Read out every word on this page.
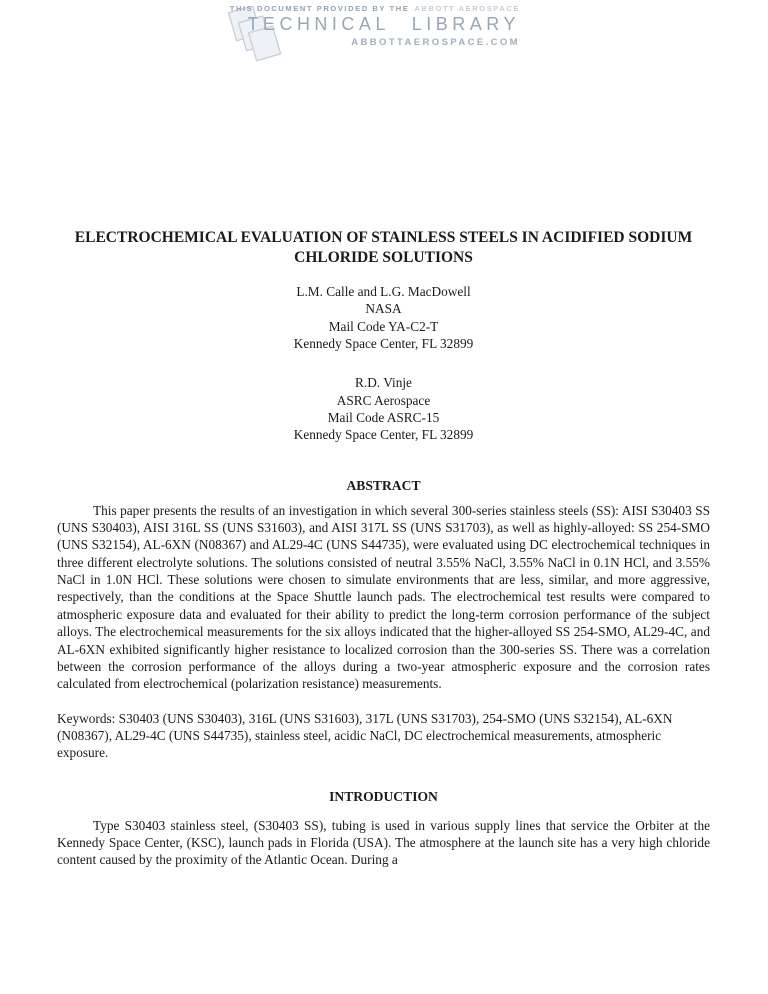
THIS DOCUMENT PROVIDED BY THE ABBOTT AEROSPACE
TECHNICAL LIBRARY
ABBOTTAEROSPACE.COM
ELECTROCHEMICAL EVALUATION OF STAINLESS STEELS IN ACIDIFIED SODIUM
CHLORIDE SOLUTIONS
L.M. Calle and L.G. MacDowell
NASA
Mail Code YA-C2-T
Kennedy Space Center, FL 32899
R.D. Vinje
ASRC Aerospace
Mail Code ASRC-15
Kennedy Space Center, FL 32899
ABSTRACT

This paper presents the results of an investigation in which several 300-series stainless steels (SS): AISI S30403 SS (UNS S30403), AISI 316L SS (UNS S31603), and AISI 317L SS (UNS S31703), as well as highly-alloyed: SS 254-SMO (UNS S32154), AL-6XN (N08367) and AL29-4C (UNS S44735), were evaluated using DC electrochemical techniques in three different electrolyte solutions. The solutions consisted of neutral 3.55% NaCl, 3.55% NaCl in 0.1N HCl, and 3.55% NaCl in 1.0N HCl. These solutions were chosen to simulate environments that are less, similar, and more aggressive, respectively, than the conditions at the Space Shuttle launch pads. The electrochemical test results were compared to atmospheric exposure data and evaluated for their ability to predict the long-term corrosion performance of the subject alloys. The electrochemical measurements for the six alloys indicated that the higher-alloyed SS 254-SMO, AL29-4C, and AL-6XN exhibited significantly higher resistance to localized corrosion than the 300-series SS. There was a correlation between the corrosion performance of the alloys during a two-year atmospheric exposure and the corrosion rates calculated from electrochemical (polarization resistance) measurements.

Keywords: S30403 (UNS S30403), 316L (UNS S31603), 317L (UNS S31703), 254-SMO (UNS S32154), AL-6XN (N08367), AL29-4C (UNS S44735), stainless steel, acidic NaCl, DC electrochemical measurements, atmospheric exposure.

INTRODUCTION

Type S30403 stainless steel, (S30403 SS), tubing is used in various supply lines that service the Orbiter at the Kennedy Space Center, (KSC), launch pads in Florida (USA). The atmosphere at the launch site has a very high chloride content caused by the proximity of the Atlantic Ocean. During a
